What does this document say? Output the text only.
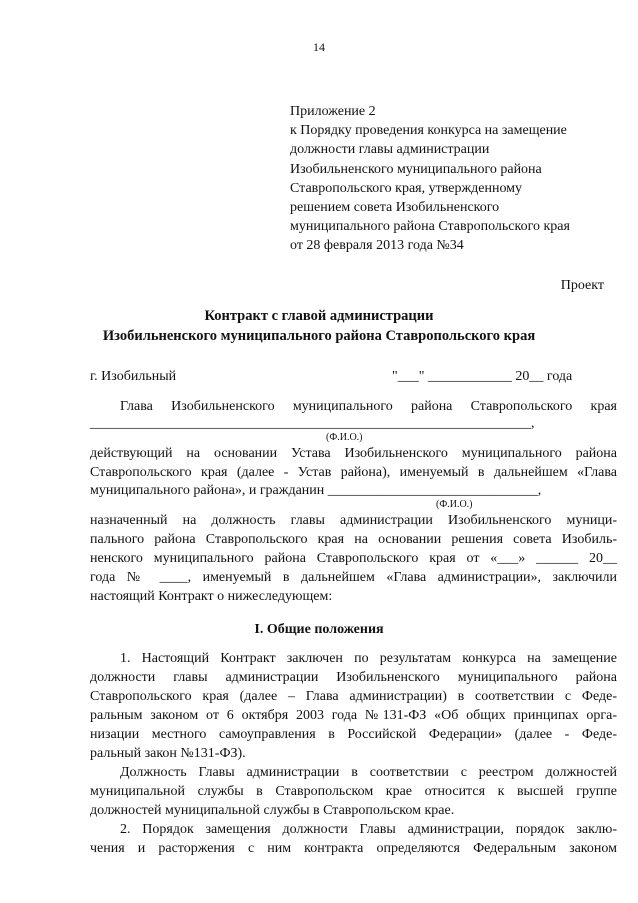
14
Приложение 2
к Порядку проведения конкурса на замещение
должности главы администрации
Изобильненского муниципального района
Ставропольского края, утвержденному
решением совета Изобильненского
муниципального района Ставропольского края
от 28 февраля 2013 года №34
Проект
Контракт с главой администрации
Изобильненского муниципального района Ставропольского края
г. Изобильный	"___" ____________ 20__ года
Глава Изобильненского муниципального района Ставропольского края
_______________________________________________________________,
(Ф.И.О.)
действующий на основании Устава Изобильненского муниципального района
Ставропольского края (далее - Устав района), именуемый в дальнейшем «Глава
муниципального района», и гражданин ______________________________,
(Ф.И.О.)
назначенный на должность главы администрации Изобильненского муници-
пального района Ставропольского края на основании решения совета Изобиль-
ненского муниципального района Ставропольского края от «___» ______ 20__
года № ____, именуемый в дальнейшем «Глава администрации», заключили
настоящий Контракт о нижеследующем:
I. Общие положения
1. Настоящий Контракт заключен по результатам конкурса на замещение
должности главы администрации Изобильненского муниципального района
Ставропольского края (далее – Глава администрации) в соответствии с Феде-
ральным законом от 6 октября 2003 года №131-ФЗ «Об общих принципах орга-
низации местного самоуправления в Российской Федерации» (далее - Феде-
ральный закон №131-ФЗ).
Должность Главы администрации в соответствии с реестром должностей
муниципальной службы в Ставропольском крае относится к высшей группе
должностей муниципальной службы в Ставропольском крае.
2. Порядок замещения должности Главы администрации, порядок заклю-
чения и расторжения с ним контракта определяются Федеральным законом
